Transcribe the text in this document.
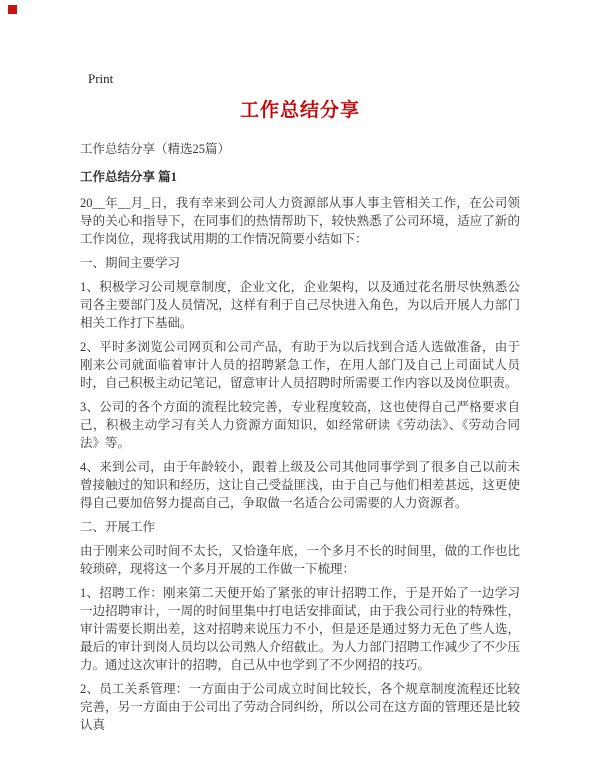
Print
工作总结分享
工作总结分享（精选25篇）
工作总结分享 篇1

20__年__月_日，我有幸来到公司人力资源部从事人事主管相关工作，在公司领导的关心和指导下，在同事们的热情帮助下，较快熟悉了公司环境，适应了新的工作岗位，现将我试用期的工作情况简要小结如下：

一、期间主要学习

1、积极学习公司规章制度，企业文化，企业架构，以及通过花名册尽快熟悉公司各主要部门及人员情况，这样有利于自己尽快进入角色，为以后开展人力部门相关工作打下基础。

2、平时多浏览公司网页和公司产品，有助于为以后找到合适人选做准备，由于刚来公司就面临着审计人员的招聘紧急工作，在用人部门及自己上司面试人员时，自己积极主动记笔记，留意审计人员招聘时所需要工作内容以及岗位职责。

3、公司的各个方面的流程比较完善，专业程度较高，这也使得自己严格要求自己，积极主动学习有关人力资源方面知识，如经常研读《劳动法》、《劳动合同法》等。

4、来到公司，由于年龄较小，跟着上级及公司其他同事学到了很多自己以前未曾接触过的知识和经历，这让自己受益匪浅，由于自己与他们相差甚远，这更使得自己要加倍努力提高自己，争取做一名适合公司需要的人力资源者。

二、开展工作

由于刚来公司时间不太长，又恰逢年底，一个多月不长的时间里，做的工作也比较琐碎，现将这一个多月开展的工作做一下梳理：

1、招聘工作：刚来第二天便开始了紧张的审计招聘工作，于是开始了一边学习一边招聘审计，一周的时间里集中打电话安排面试，由于我公司行业的特殊性，审计需要长期出差，这对招聘来说压力不小，但是还是通过努力无色了些人选，最后的审计到岗人员均以公司熟人介绍截止。为人力部门招聘工作减少了不少压力。通过这次审计的招聘，自己从中也学到了不少网招的技巧。

2、员工关系管理：一方面由于公司成立时间比较长，各个规章制度流程还比较完善，另一方面由于公司出了劳动合同纠纷，所以公司在这方面的管理还是比较认真
